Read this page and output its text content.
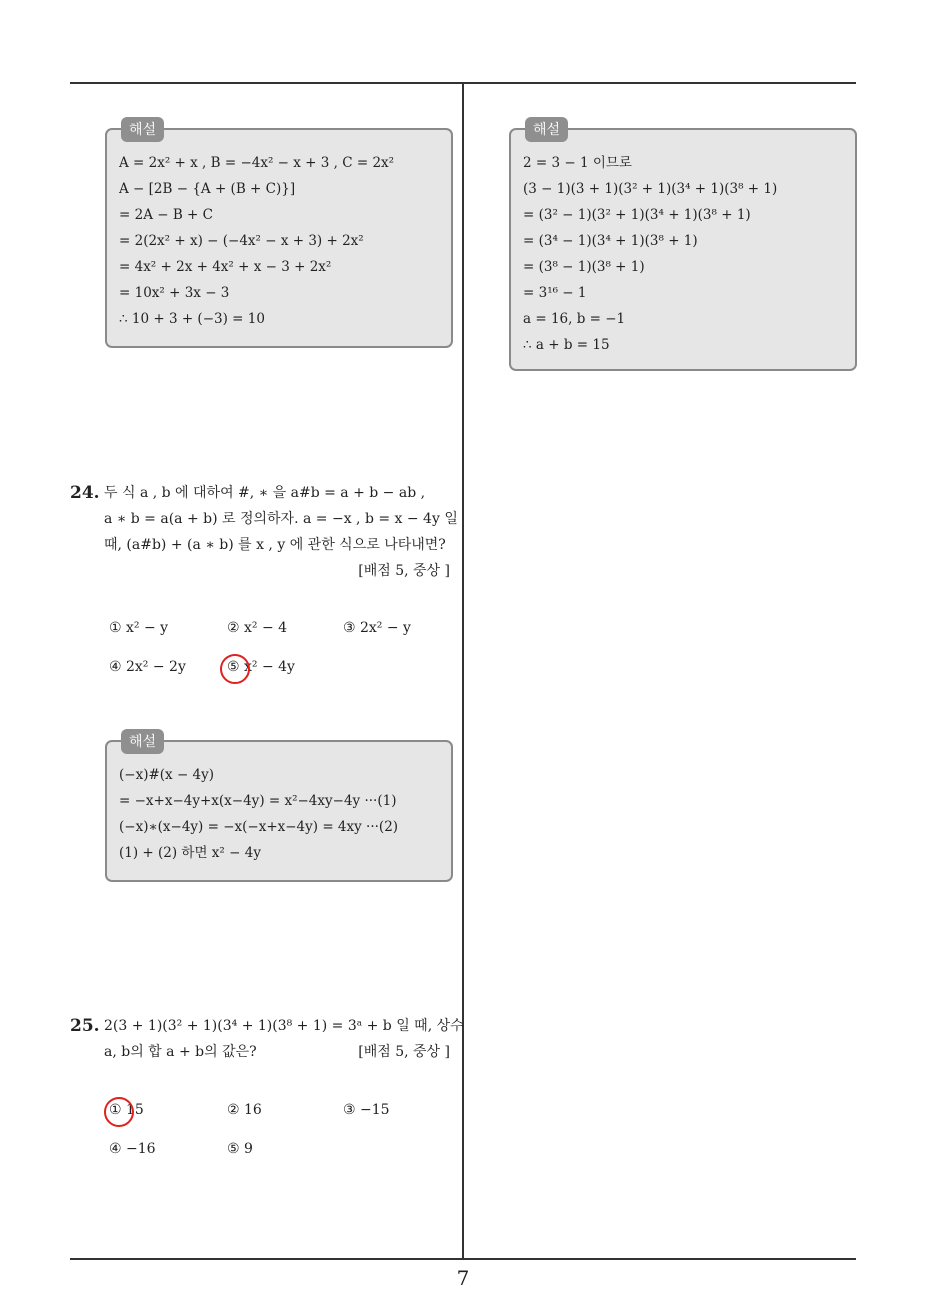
해설
A = 2x² + x , B = −4x² − x + 3 , C = 2x²
A − [2B − {A + (B + C)}]
= 2A − B + C
= 2(2x² + x) − (−4x² − x + 3) + 2x²
= 4x² + 2x + 4x² + x − 3 + 2x²
= 10x² + 3x − 3
∴ 10 + 3 + (−3) = 10
24. 두 식 a , b 에 대하여 #, ∗ 을 a#b = a + b − ab ,
a ∗ b = a(a + b) 로 정의하자. a = −x , b = x − 4y 일
때, (a#b) + (a ∗ b) 를 x , y 에 관한 식으로 나타내면?
[배점 5, 중상 ]
① x² − y	② x² − 4	③ 2x² − y
④ 2x² − 2y	⑤ x² − 4y
해설
(−x)#(x − 4y)
= −x+x−4y+x(x−4y) = x²−4xy−4y ···(1)
(−x)∗(x−4y) = −x(−x+x−4y) = 4xy ···(2)
(1) + (2) 하면 x² − 4y
25. 2(3 + 1)(3² + 1)(3⁴ + 1)(3⁸ + 1) = 3ᵃ + b 일 때, 상수
a, b의 합 a + b의 값은?	[배점 5, 중상 ]
① 15	② 16	③ −15
④ −16	⑤ 9
해설
2 = 3 − 1 이므로
(3 − 1)(3 + 1)(3² + 1)(3⁴ + 1)(3⁸ + 1)
= (3² − 1)(3² + 1)(3⁴ + 1)(3⁸ + 1)
= (3⁴ − 1)(3⁴ + 1)(3⁸ + 1)
= (3⁸ − 1)(3⁸ + 1)
= 3¹⁶ − 1
a = 16, b = −1
∴ a + b = 15
7
